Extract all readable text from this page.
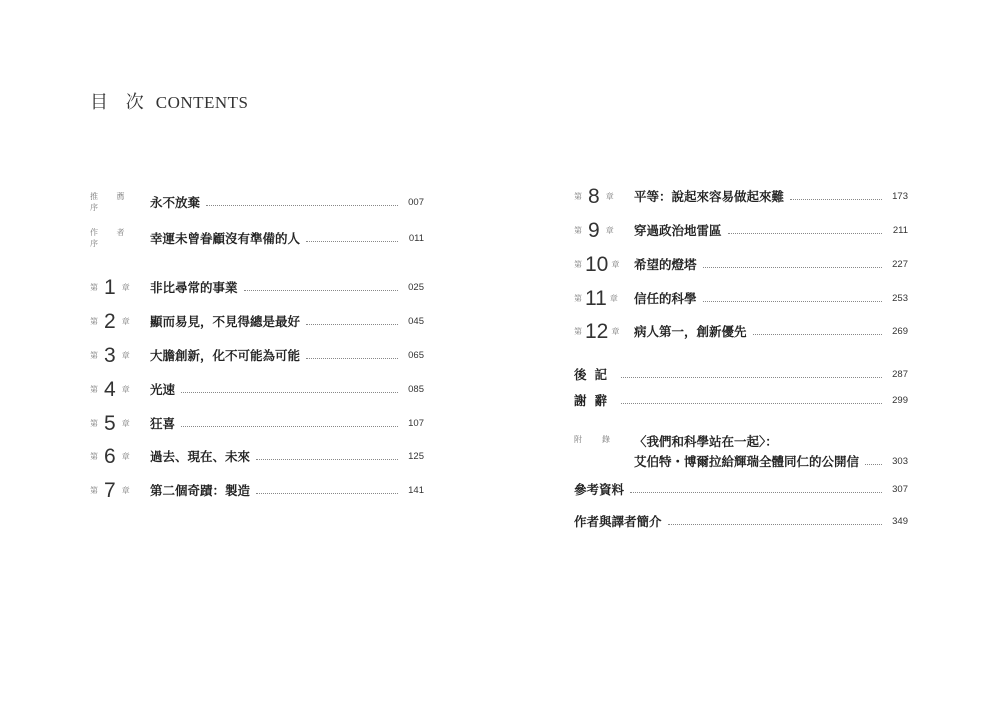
目 次 CONTENTS
推 薦 序	永不放棄	007
作 者 序	幸運未曾眷顧沒有準備的人	011
第 1 章 非比尋常的事業	025
第 2 章 顯而易見，不見得總是最好	045
第 3 章 大膽創新，化不可能為可能	065
第 4 章 光速	085
第 5 章 狂喜	107
第 6 章 過去、現在、未來	125
第 7 章 第二個奇蹟：製造	141
第 8 章 平等：說起來容易做起來難	173
第 9 章 穿過政治地雷區	211
第 10 章 希望的燈塔	227
第 11 章 信任的科學	253
第 12 章 病人第一，創新優先	269
後記	287
謝辭	299
附錄 〈我們和科學站在一起〉：
艾伯特・博爾拉給輝瑞全體同仁的公開信	303
參考資料	307
作者與譯者簡介	349
